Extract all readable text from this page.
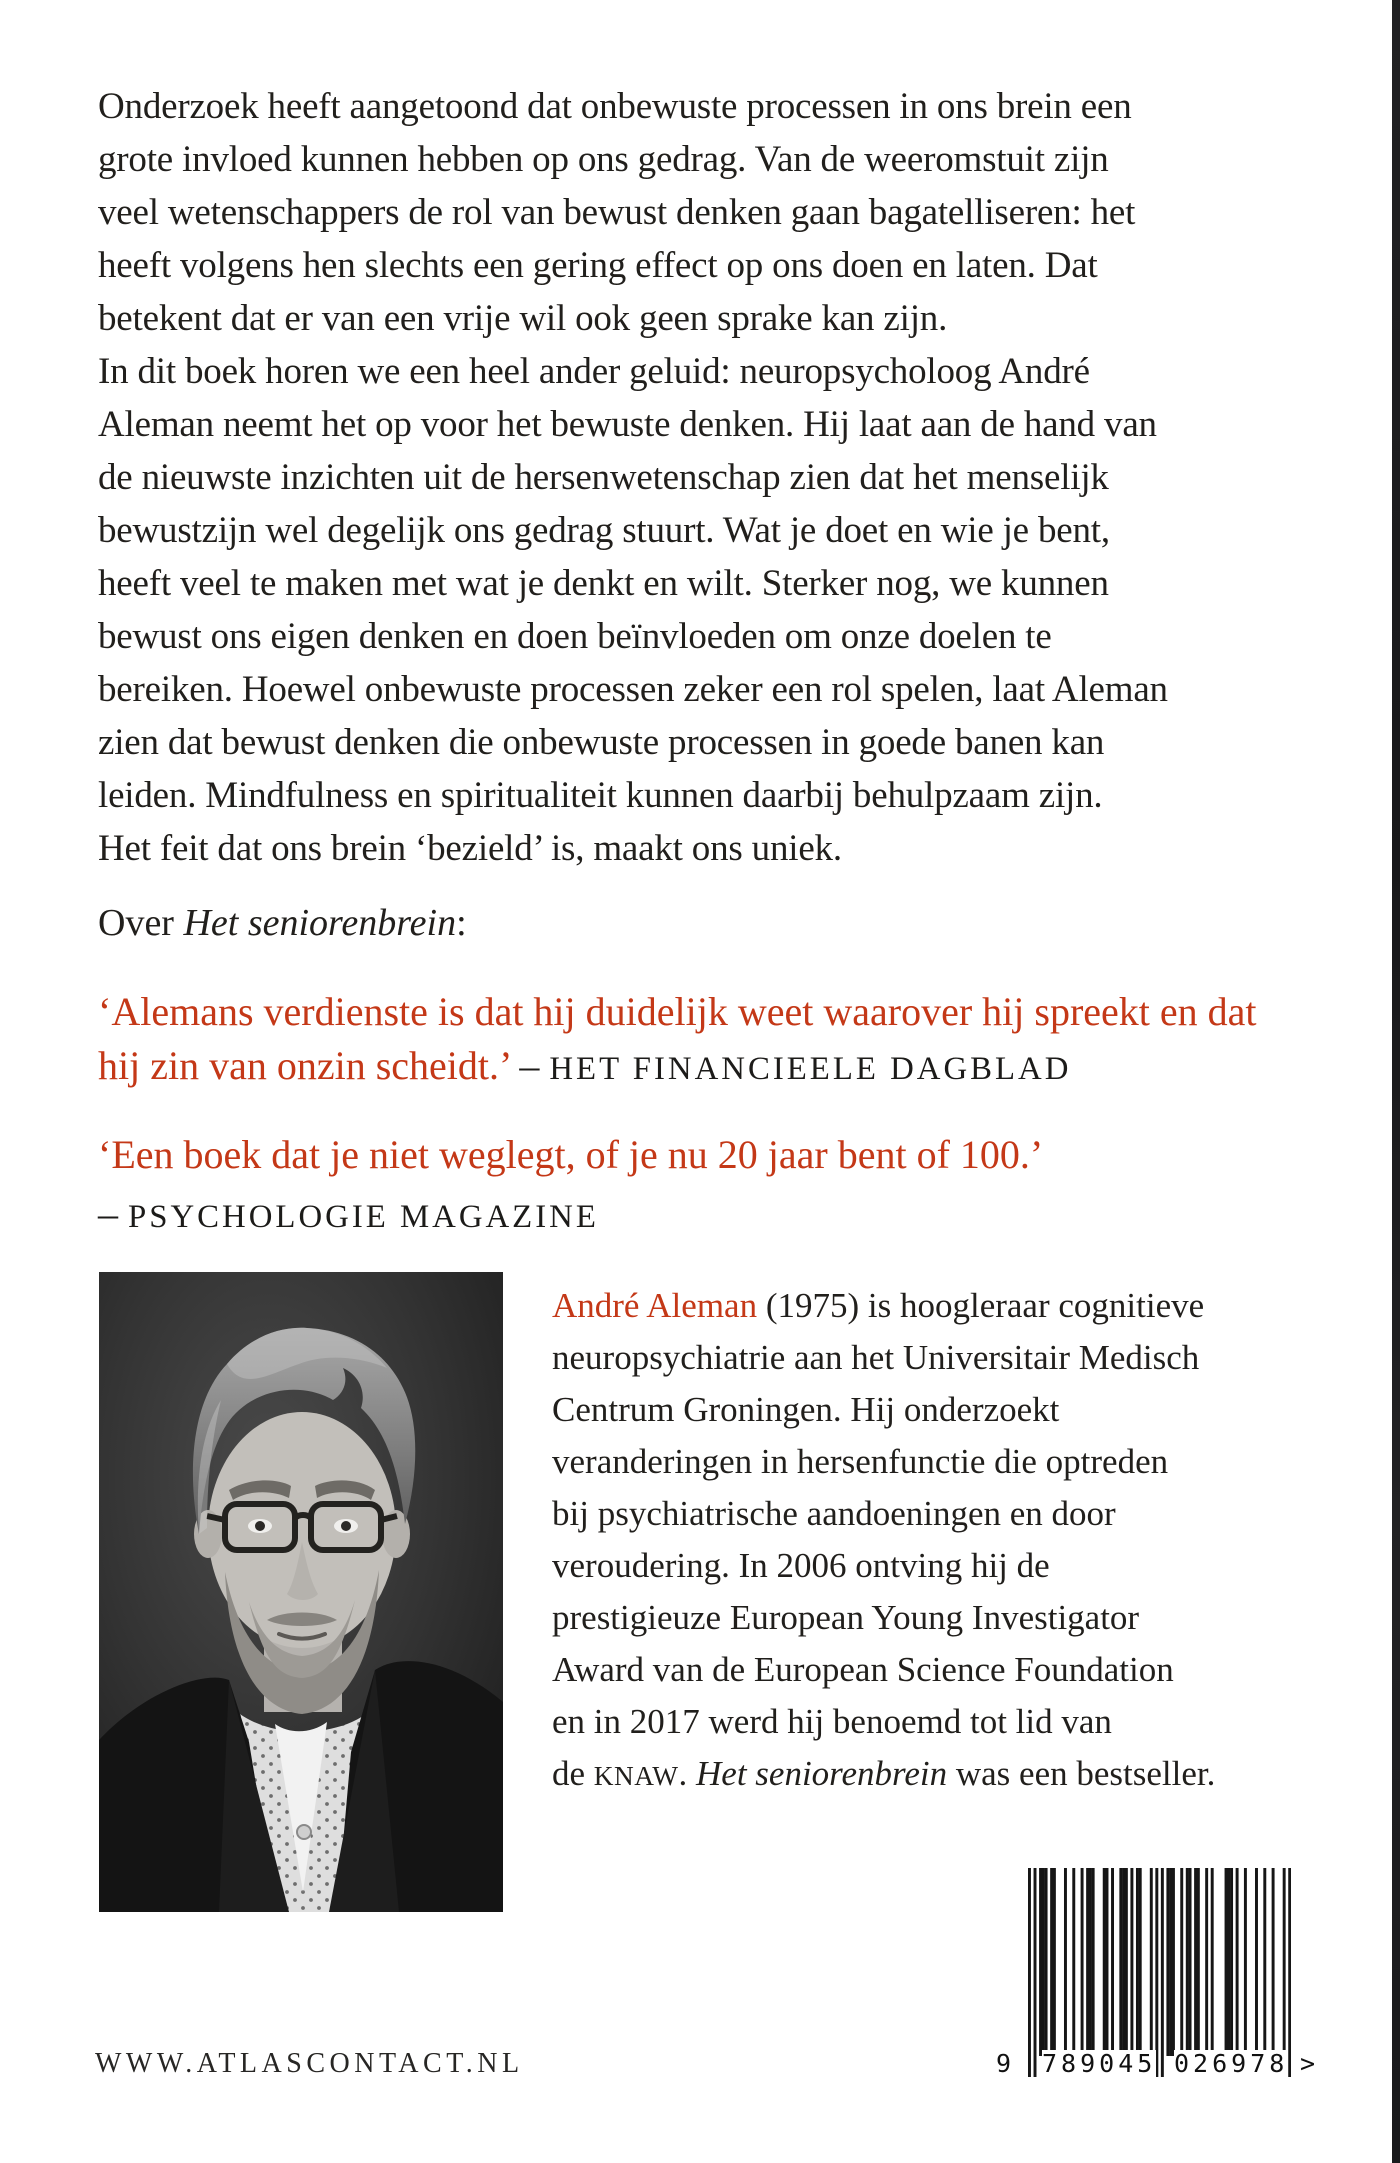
Onderzoek heeft aangetoond dat onbewuste processen in ons brein een
grote invloed kunnen hebben op ons gedrag. Van de weeromstuit zijn
veel wetenschappers de rol van bewust denken gaan bagatelliseren: het
heeft volgens hen slechts een gering effect op ons doen en laten. Dat
betekent dat er van een vrije wil ook geen sprake kan zijn.
In dit boek horen we een heel ander geluid: neuropsycholoog André
Aleman neemt het op voor het bewuste denken. Hij laat aan de hand van
de nieuwste inzichten uit de hersenwetenschap zien dat het menselijk
bewustzijn wel degelijk ons gedrag stuurt. Wat je doet en wie je bent,
heeft veel te maken met wat je denkt en wilt. Sterker nog, we kunnen
bewust ons eigen denken en doen beïnvloeden om onze doelen te
bereiken. Hoewel onbewuste processen zeker een rol spelen, laat Aleman
zien dat bewust denken die onbewuste processen in goede banen kan
leiden. Mindfulness en spiritualiteit kunnen daarbij behulpzaam zijn.
Het feit dat ons brein ‘bezield’ is, maakt ons uniek.
Over Het seniorenbrein:
‘Alemans verdienste is dat hij duidelijk weet waarover hij spreekt en dat
hij zin van onzin scheidt.’ – HET FINANCIEELE DAGBLAD
‘Een boek dat je niet weglegt, of je nu 20 jaar bent of 100.’
– PSYCHOLOGIE MAGAZINE
André Aleman (1975) is hoogleraar cognitieve
neuropsychiatrie aan het Universitair Medisch
Centrum Groningen. Hij onderzoekt
veranderingen in hersenfunctie die optreden
bij psychiatrische aandoeningen en door
veroudering. In 2006 ontving hij de
prestigieuze European Young Investigator
Award van de European Science Foundation
en in 2017 werd hij benoemd tot lid van
de KNAW. Het seniorenbrein was een bestseller.
WWW.ATLASCONTACT.NL	9 789045 026978 >
